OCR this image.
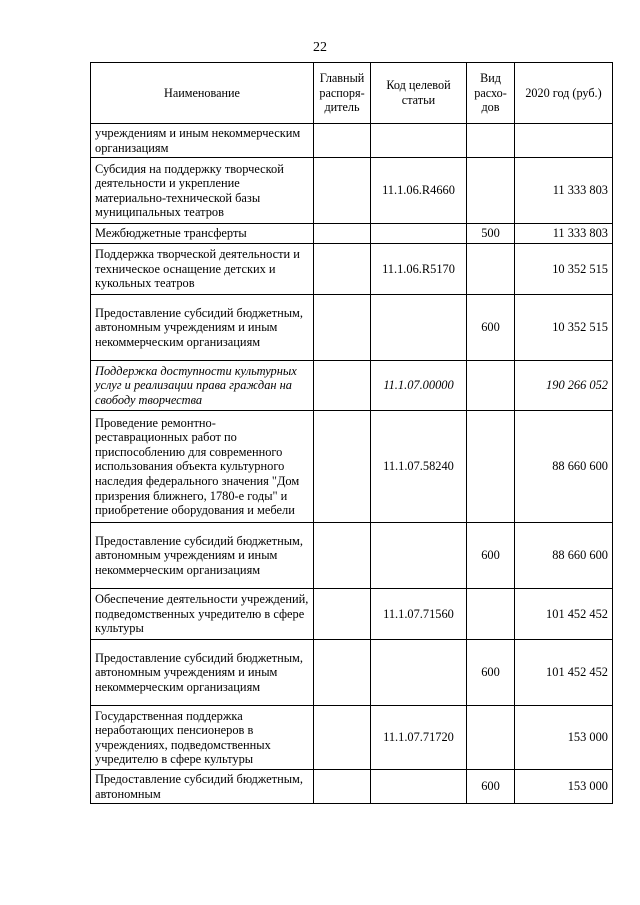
22
Наименование	Главный распоря-дитель	Код целевой статьи	Вид расхо-дов	2020 год (руб.)
учреждениям и иным некоммерческим организациям				
Субсидия на поддержку творческой деятельности и укрепление материально-технической базы муниципальных театров		11.1.06.R4660		11 333 803
Межбюджетные трансферты			500	11 333 803
Поддержка творческой деятельности и техническое оснащение детских и кукольных театров		11.1.06.R5170		10 352 515
Предоставление субсидий бюджетным, автономным учреждениям и иным некоммерческим организациям			600	10 352 515
Поддержка доступности культурных услуг и реализации права граждан на свободу творчества		11.1.07.00000		190 266 052
Проведение ремонтно-реставрационных работ по приспособлению для современного использования объекта культурного наследия федерального значения "Дом призрения ближнего, 1780-е годы" и приобретение оборудования и мебели		11.1.07.58240		88 660 600
Предоставление субсидий бюджетным, автономным учреждениям и иным некоммерческим организациям			600	88 660 600
Обеспечение деятельности учреждений, подведомственных учредителю в сфере культуры		11.1.07.71560		101 452 452
Предоставление субсидий бюджетным, автономным учреждениям и иным некоммерческим организациям			600	101 452 452
Государственная поддержка неработающих пенсионеров в учреждениях, подведомственных учредителю в сфере культуры		11.1.07.71720		153 000
Предоставление субсидий бюджетным, автономным			600	153 000
